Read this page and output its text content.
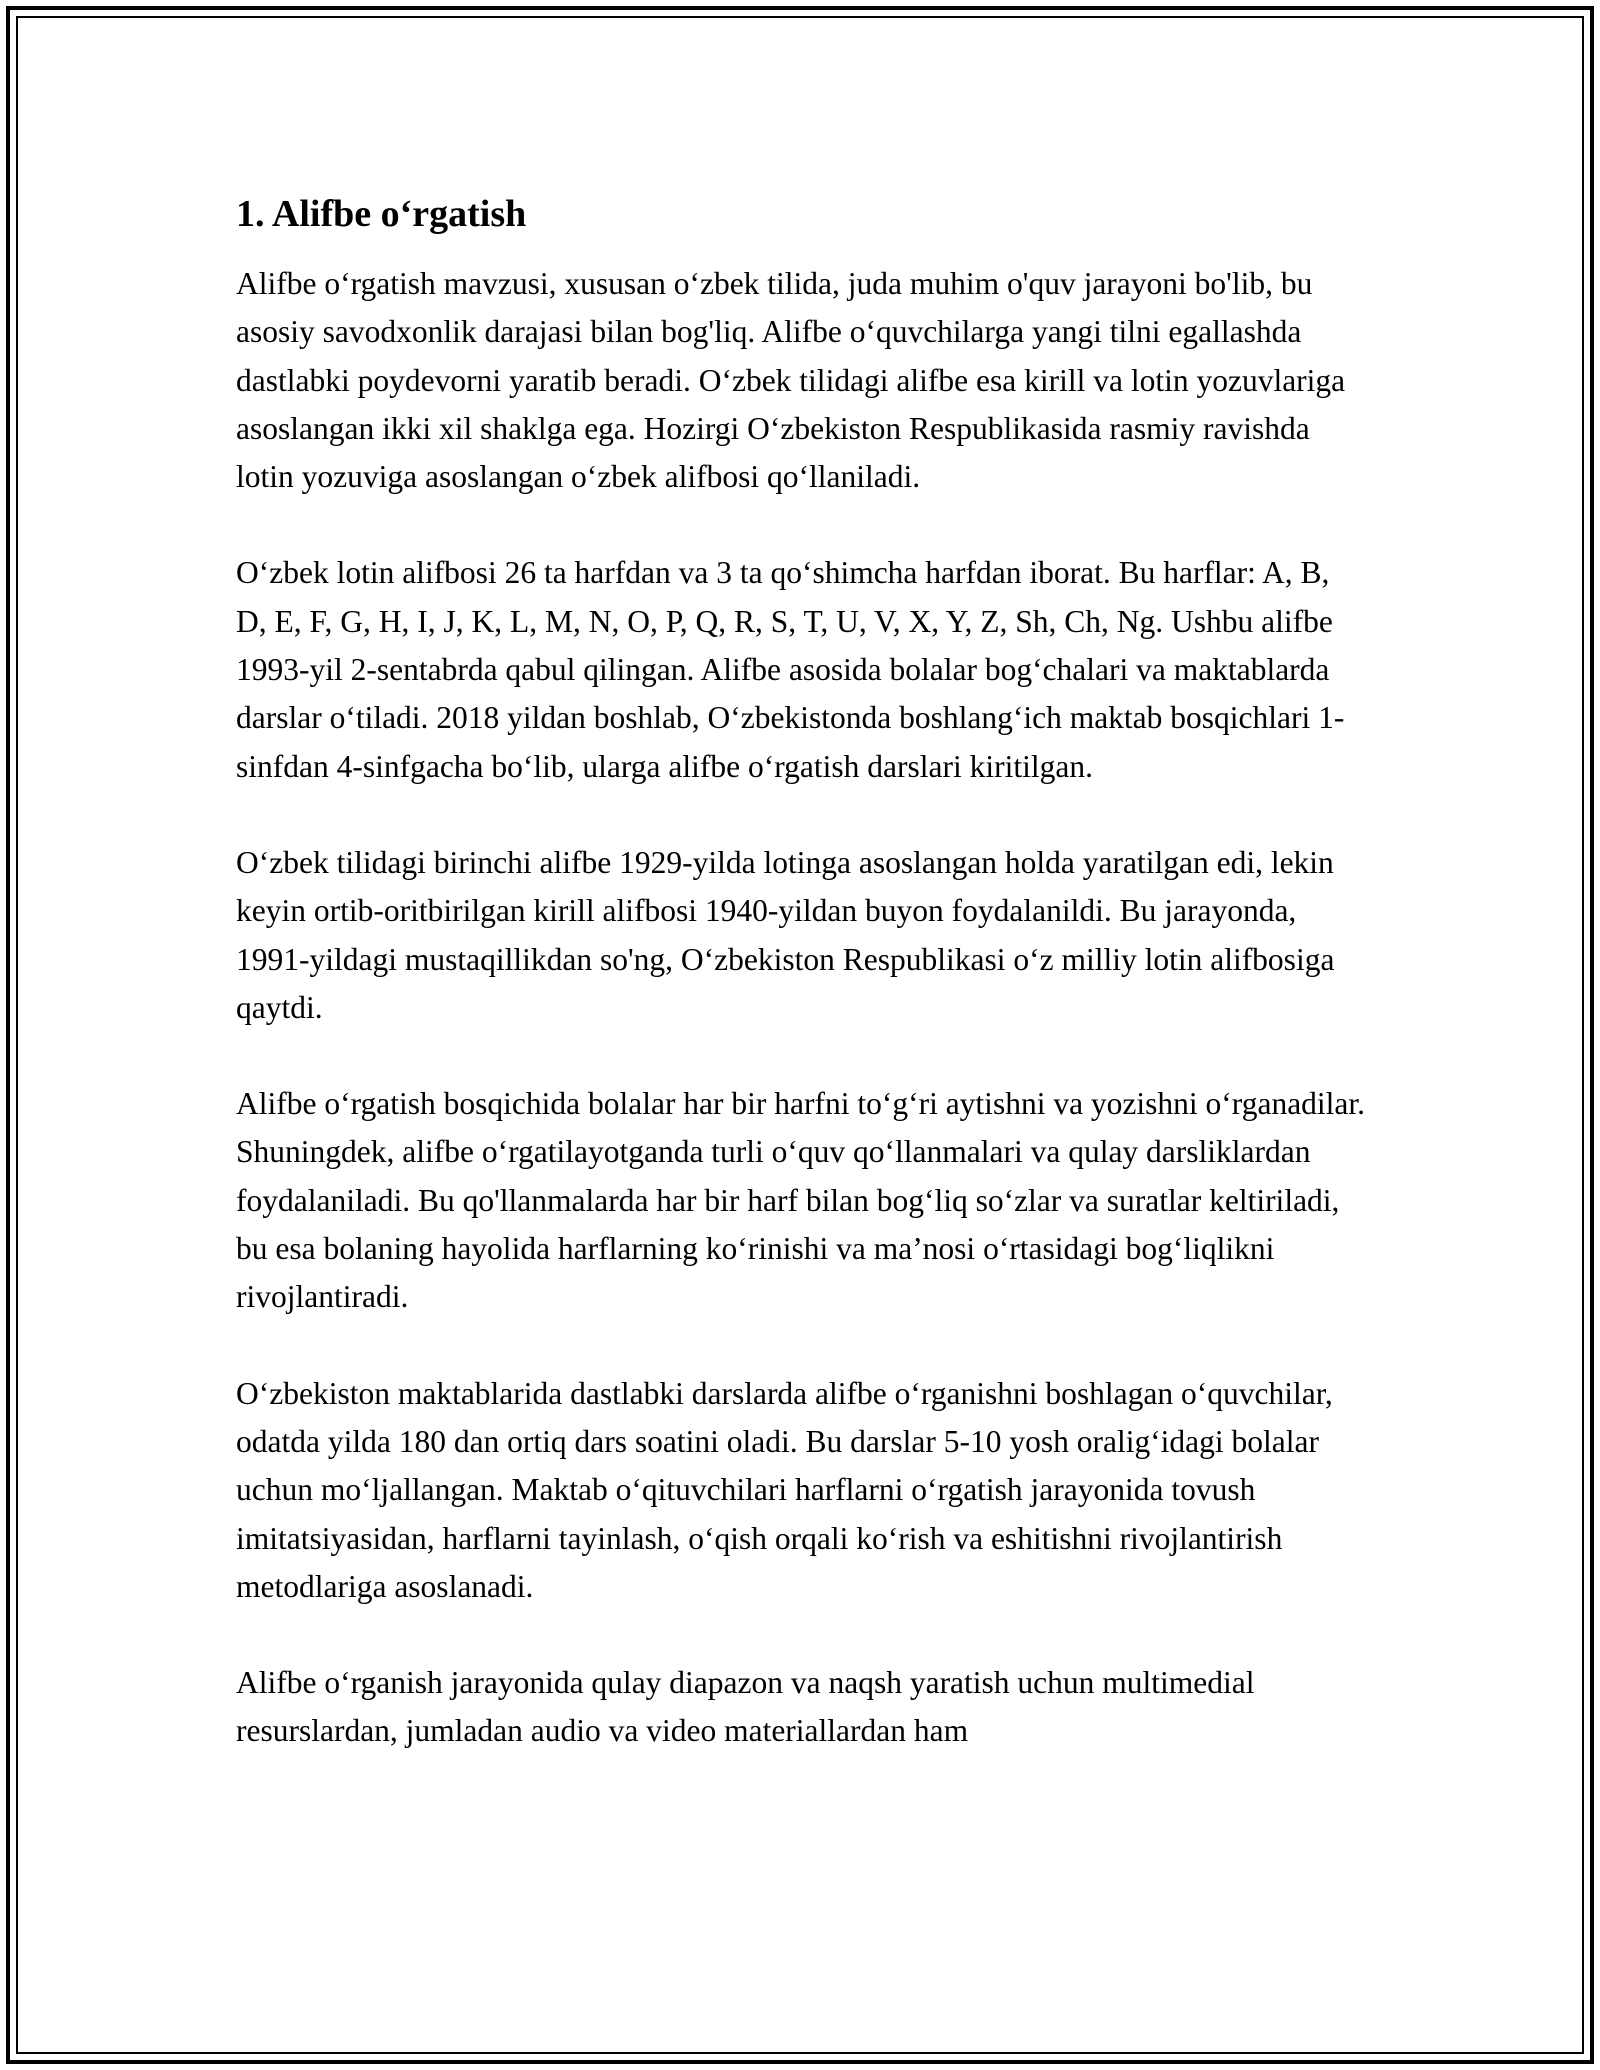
1. Alifbe o‘rgatish

Alifbe o‘rgatish mavzusi, xususan o‘zbek tilida, juda muhim o'quv jarayoni bo'lib, bu asosiy savodxonlik darajasi bilan bog'liq. Alifbe o‘quvchilarga yangi tilni egallashda dastlabki poydevorni yaratib beradi. O‘zbek tilidagi alifbe esa kirill va lotin yozuvlariga asoslangan ikki xil shaklga ega. Hozirgi O‘zbekiston Respublikasida rasmiy ravishda lotin yozuviga asoslangan o‘zbek alifbosi qo‘llaniladi.

O‘zbek lotin alifbosi 26 ta harfdan va 3 ta qo‘shimcha harfdan iborat. Bu harflar: A, B, D, E, F, G, H, I, J, K, L, M, N, O, P, Q, R, S, T, U, V, X, Y, Z, Sh, Ch, Ng. Ushbu alifbe 1993-yil 2-sentabrda qabul qilingan. Alifbe asosida bolalar bog‘chalari va maktablarda darslar o‘tiladi. 2018 yildan boshlab, O‘zbekistonda boshlang‘ich maktab bosqichlari 1-sinfdan 4-sinfgacha bo‘lib, ularga alifbe o‘rgatish darslari kiritilgan.

O‘zbek tilidagi birinchi alifbe 1929-yilda lotinga asoslangan holda yaratilgan edi, lekin keyin ortib-oritbirilgan kirill alifbosi 1940-yildan buyon foydalanildi. Bu jarayonda, 1991-yildagi mustaqillikdan so'ng, O‘zbekiston Respublikasi o‘z milliy lotin alifbosiga qaytdi.

Alifbe o‘rgatish bosqichida bolalar har bir harfni to‘g‘ri aytishni va yozishni o‘rganadilar. Shuningdek, alifbe o‘rgatilayotganda turli o‘quv qo‘llanmalari va qulay darsliklardan foydalaniladi. Bu qo'llanmalarda har bir harf bilan bog‘liq so‘zlar va suratlar keltiriladi, bu esa bolaning hayolida harflarning ko‘rinishi va ma’nosi o‘rtasidagi bog‘liqlikni rivojlantiradi.

O‘zbekiston maktablarida dastlabki darslarda alifbe o‘rganishni boshlagan o‘quvchilar, odatda yilda 180 dan ortiq dars soatini oladi. Bu darslar 5-10 yosh oralig‘idagi bolalar uchun mo‘ljallangan. Maktab o‘qituvchilari harflarni o‘rgatish jarayonida tovush imitatsiyasidan, harflarni tayinlash, o‘qish orqali ko‘rish va eshitishni rivojlantirish metodlariga asoslanadi.

Alifbe o‘rganish jarayonida qulay diapazon va naqsh yaratish uchun multimedial resurslardan, jumladan audio va video materiallardan ham
